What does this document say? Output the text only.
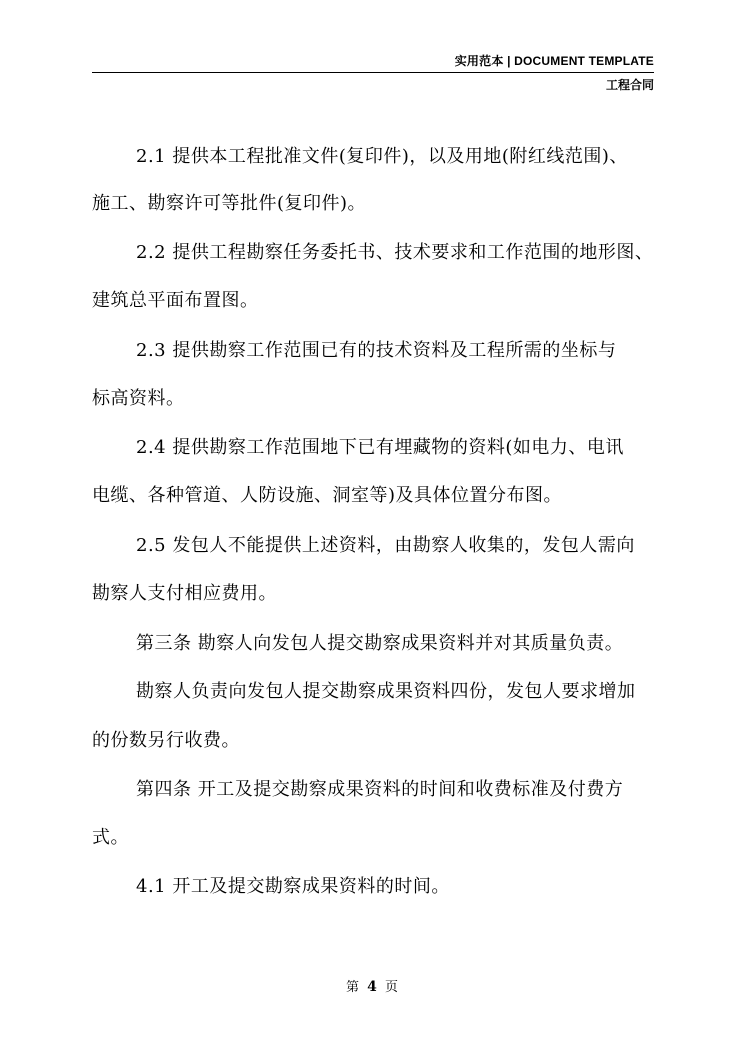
实用范本 | DOCUMENT TEMPLATE
工程合同
2.1 提供本工程批准文件(复印件)，以及用地(附红线范围)、
施工、勘察许可等批件(复印件)。
2.2 提供工程勘察任务委托书、技术要求和工作范围的地形图、
建筑总平面布置图。
2.3 提供勘察工作范围已有的技术资料及工程所需的坐标与
标高资料。
2.4 提供勘察工作范围地下已有埋藏物的资料(如电力、电讯
电缆、各种管道、人防设施、洞室等)及具体位置分布图。
2.5 发包人不能提供上述资料，由勘察人收集的，发包人需向
勘察人支付相应费用。
第三条 勘察人向发包人提交勘察成果资料并对其质量负责。
勘察人负责向发包人提交勘察成果资料四份，发包人要求增加
的份数另行收费。
第四条 开工及提交勘察成果资料的时间和收费标准及付费方
式。
4.1 开工及提交勘察成果资料的时间。
第 4 页
